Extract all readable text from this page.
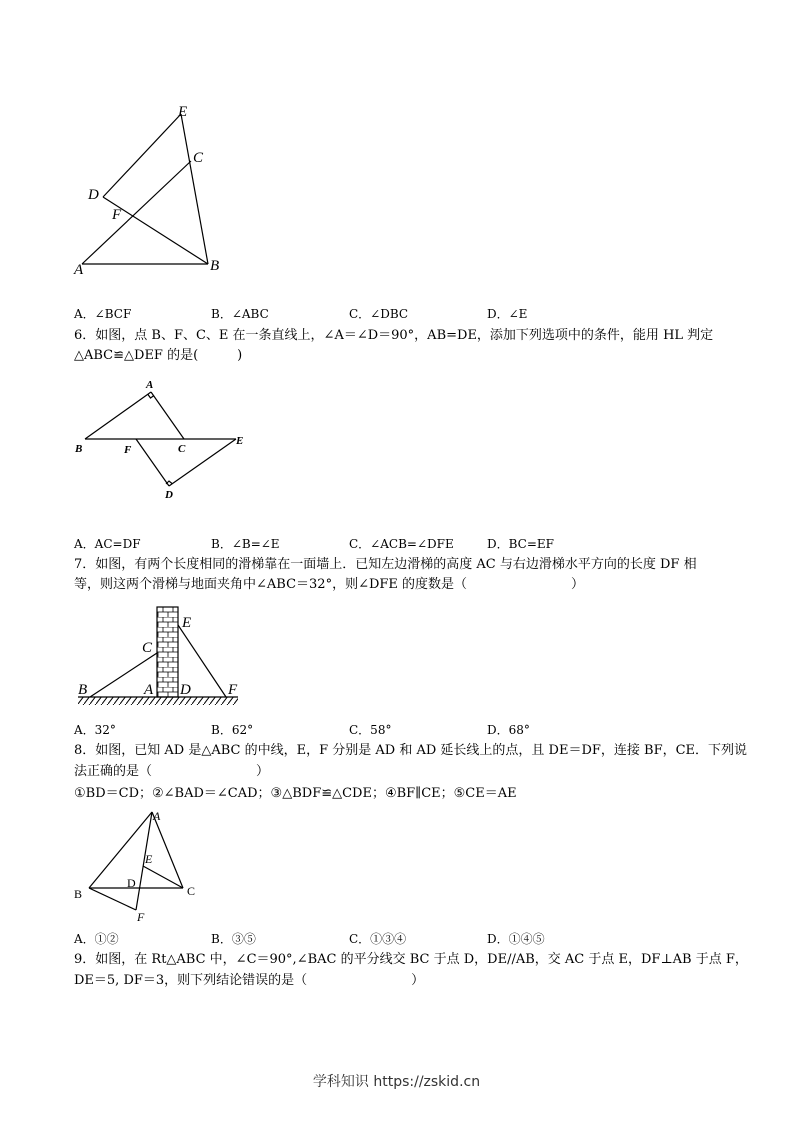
E
C
D
F
A	B
A．∠BCF	B．∠ABC	C．∠DBC	D．∠E
6．如图，点 B、F、C、E 在一条直线上，∠A＝∠D＝90°，AB=DE，添加下列选项中的条件，能用 HL 判定
△ABC≌△DEF 的是(　　　)
A
B	F	C
E
D
A．AC=DF	B．∠B=∠E	C．∠ACB=∠DFE	D．BC=EF
7．如图，有两个长度相同的滑梯靠在一面墙上．已知左边滑梯的高度 AC 与右边滑梯水平方向的长度 DF 相
等，则这两个滑梯与地面夹角中∠ABC＝32°，则∠DFE 的度数是（　　　　　　　　）
C
E
B	A D F
A．32°	B．62°	C．58°	D．68°
8．如图，已知 AD 是△ABC 的中线，E，F 分别是 AD 和 AD 延长线上的点，且 DE＝DF，连接 BF，CE．下列说
法正确的是（　　　　　　　　）
①BD＝CD；②∠BAD＝∠CAD；③△BDF≌△CDE；④BF∥CE；⑤CE＝AE
A
E
B
D
C
F
A．①②	B．③⑤	C．①③④	D．①④⑤
9．如图，在 Rt△ABC 中，∠C＝90°,∠BAC 的平分线交 BC 于点 D，DE//AB，交 AC 于点 E，DF⊥AB 于点 F，
DE＝5, DF＝3，则下列结论错误的是（　　　　　　　　）
学科知识 https://zskid.cn
